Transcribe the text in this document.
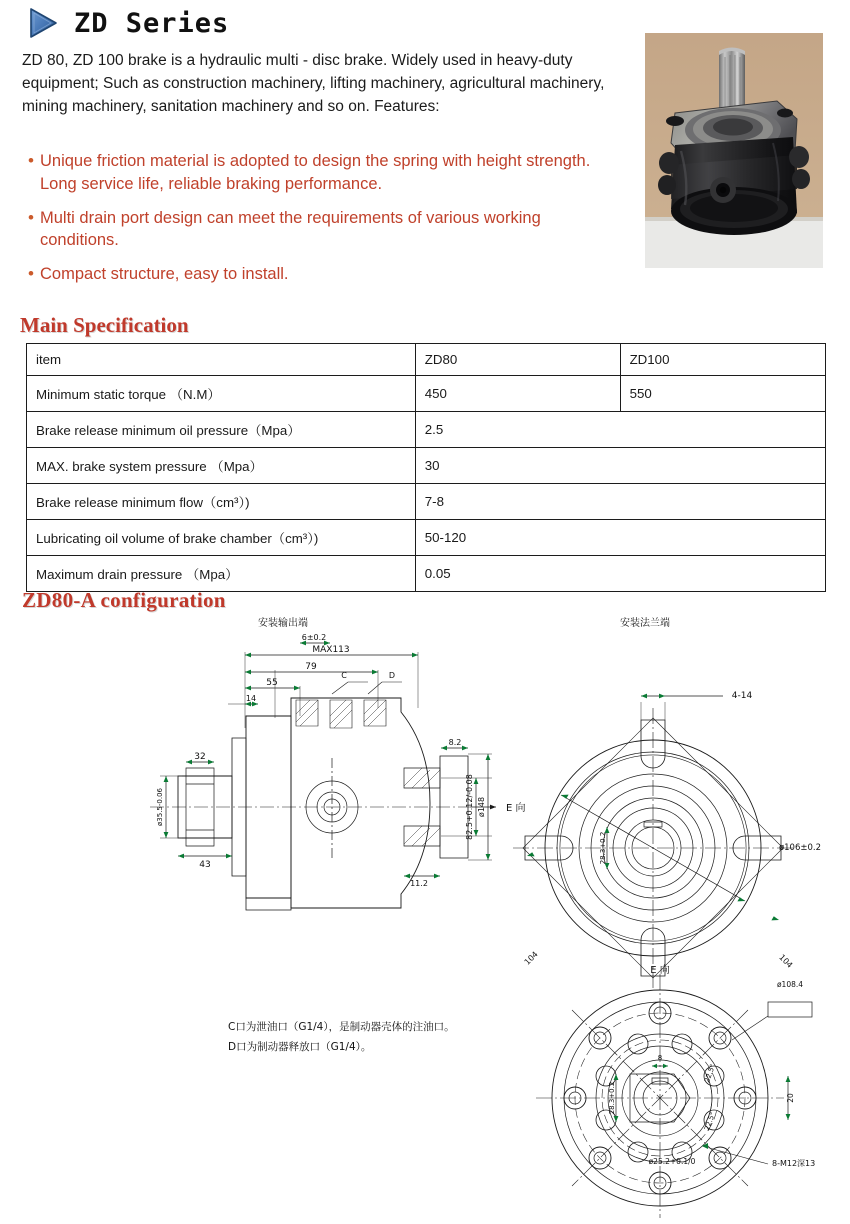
ZD Series
ZD 80, ZD 100 brake is a hydraulic multi - disc brake. Widely used in heavy-duty equipment; Such as construction machinery, lifting machinery, agricultural machinery, mining machinery, sanitation machinery and so on. Features:
• Unique friction material is adopted to design the spring with height strength. Long service life, reliable braking performance.
• Multi drain port design can meet the requirements of various working conditions.
• Compact structure, easy to install.
Main Specification
item	ZD80	ZD100
Minimum static torque （N.M）	450	550
Brake release minimum oil pressure（Mpa）	2.5	
MAX. brake system pressure （Mpa）	30	
Brake release minimum flow（cm³）)	7-8	
Lubricating oil volume of brake chamber（cm³）)	50-120	
Maximum drain pressure （Mpa）	0.05	
ZD80-A configuration
安装输出端	安装法兰端
MAX113
79
55
14
6±0.2
32
43
C	D
8.2
11.2
E 向
ø35.5-0.06	82.5+0.12/-0.08 ø148
4-14
ø106±0.2
104	104
28.3+0.2
E 向
ø108.4
8-M12深13
ø25.2+0.1/0
28.3+0.2	20
22.5°
22.5°
8
C口为泄油口（G1/4），是制动器壳体的注油口。
D口为制动器释放口（G1/4）。
